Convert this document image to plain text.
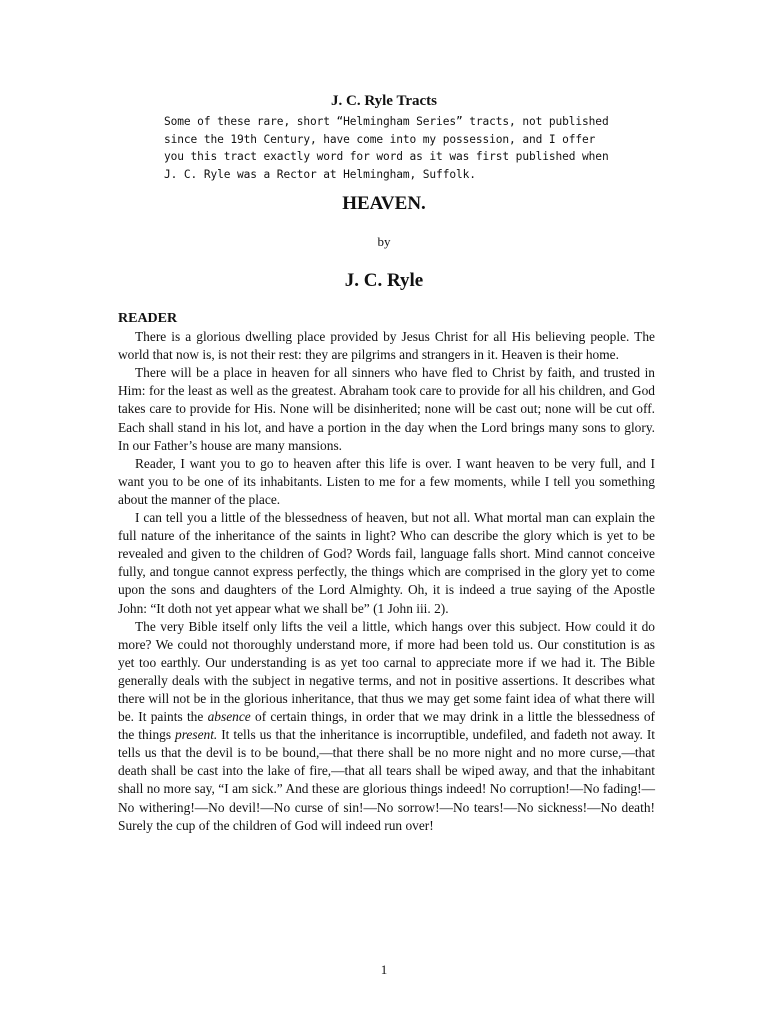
J. C. Ryle Tracts

Some of these rare, short “Helmingham Series” tracts, not published since the 19th Century, have come into my possession, and I offer you this tract exactly word for word as it was first published when J. C. Ryle was a Rector at Helmingham, Suffolk.

HEAVEN.

by

J. C. Ryle

READER

There is a glorious dwelling place provided by Jesus Christ for all His believing people. The world that now is, is not their rest: they are pilgrims and strangers in it. Heaven is their home.

There will be a place in heaven for all sinners who have fled to Christ by faith, and trusted in Him: for the least as well as the greatest. Abraham took care to provide for all his children, and God takes care to provide for His. None will be disinherited; none will be cast out; none will be cut off. Each shall stand in his lot, and have a portion in the day when the Lord brings many sons to glory. In our Father’s house are many mansions.

Reader, I want you to go to heaven after this life is over. I want heaven to be very full, and I want you to be one of its inhabitants. Listen to me for a few moments, while I tell you something about the manner of the place.

I can tell you a little of the blessedness of heaven, but not all. What mortal man can explain the full nature of the inheritance of the saints in light? Who can describe the glory which is yet to be revealed and given to the children of God? Words fail, language falls short. Mind cannot conceive fully, and tongue cannot express perfectly, the things which are comprised in the glory yet to come upon the sons and daughters of the Lord Almighty. Oh, it is indeed a true saying of the Apostle John: “It doth not yet appear what we shall be” (1 John iii. 2).

The very Bible itself only lifts the veil a little, which hangs over this subject. How could it do more? We could not thoroughly understand more, if more had been told us. Our constitution is as yet too earthly. Our understanding is as yet too carnal to appreciate more if we had it. The Bible generally deals with the subject in negative terms, and not in positive assertions. It describes what there will not be in the glorious inheritance, that thus we may get some faint idea of what there will be. It paints the absence of certain things, in order that we may drink in a little the blessedness of the things present. It tells us that the inheritance is incorruptible, undefiled, and fadeth not away. It tells us that the devil is to be bound,—that there shall be no more night and no more curse,—that death shall be cast into the lake of fire,—that all tears shall be wiped away, and that the inhabitant shall no more say, “I am sick.” And these are glorious things indeed! No corruption!—No fading!—No withering!—No devil!—No curse of sin!—No sorrow!—No tears!—No sickness!—No death! Surely the cup of the children of God will indeed run over!

1
